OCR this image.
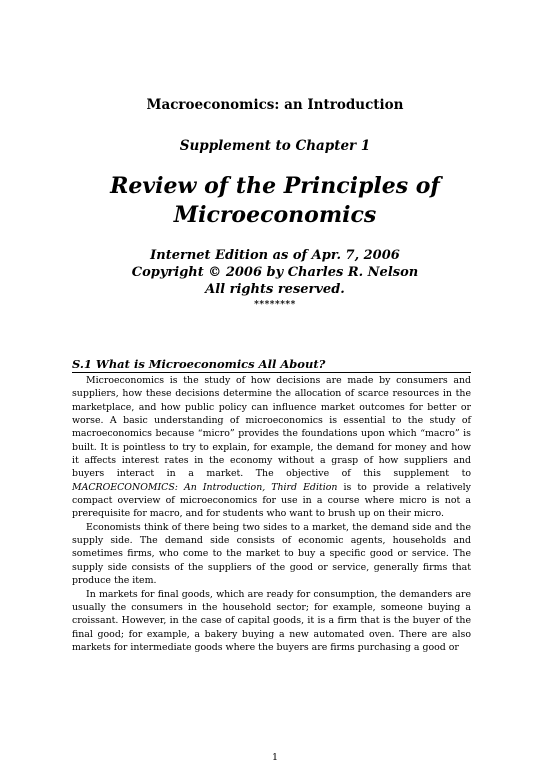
Macroeconomics: an Introduction
Supplement to Chapter 1
Review of the Principles of
Microeconomics
Internet Edition as of Apr. 7, 2006
Copyright © 2006 by Charles R. Nelson
All rights reserved.
********
S.1 What is Microeconomics All About?

Microeconomics is the study of how decisions are made by consumers and suppliers, how these decisions determine the allocation of scarce resources in the marketplace, and how public policy can influence market outcomes for better or worse. A basic understanding of microeconomics is essential to the study of macroeconomics because “micro” provides the foundations upon which “macro” is built. It is pointless to try to explain, for example, the demand for money and how it affects interest rates in the economy without a grasp of how suppliers and buyers interact in a market. The objective of this supplement to MACROECONOMICS: An Introduction, Third Edition is to provide a relatively compact overview of microeconomics for use in a course where micro is not a prerequisite for macro, and for students who want to brush up on their micro.

Economists think of there being two sides to a market, the demand side and the supply side. The demand side consists of economic agents, households and sometimes firms, who come to the market to buy a specific good or service. The supply side consists of the suppliers of the good or service, generally firms that produce the item.

In markets for final goods, which are ready for consumption, the demanders are usually the consumers in the household sector; for example, someone buying a croissant. However, in the case of capital goods, it is a firm that is the buyer of the final good; for example, a bakery buying a new automated oven. There are also markets for intermediate goods where the buyers are firms purchasing a good or

1
